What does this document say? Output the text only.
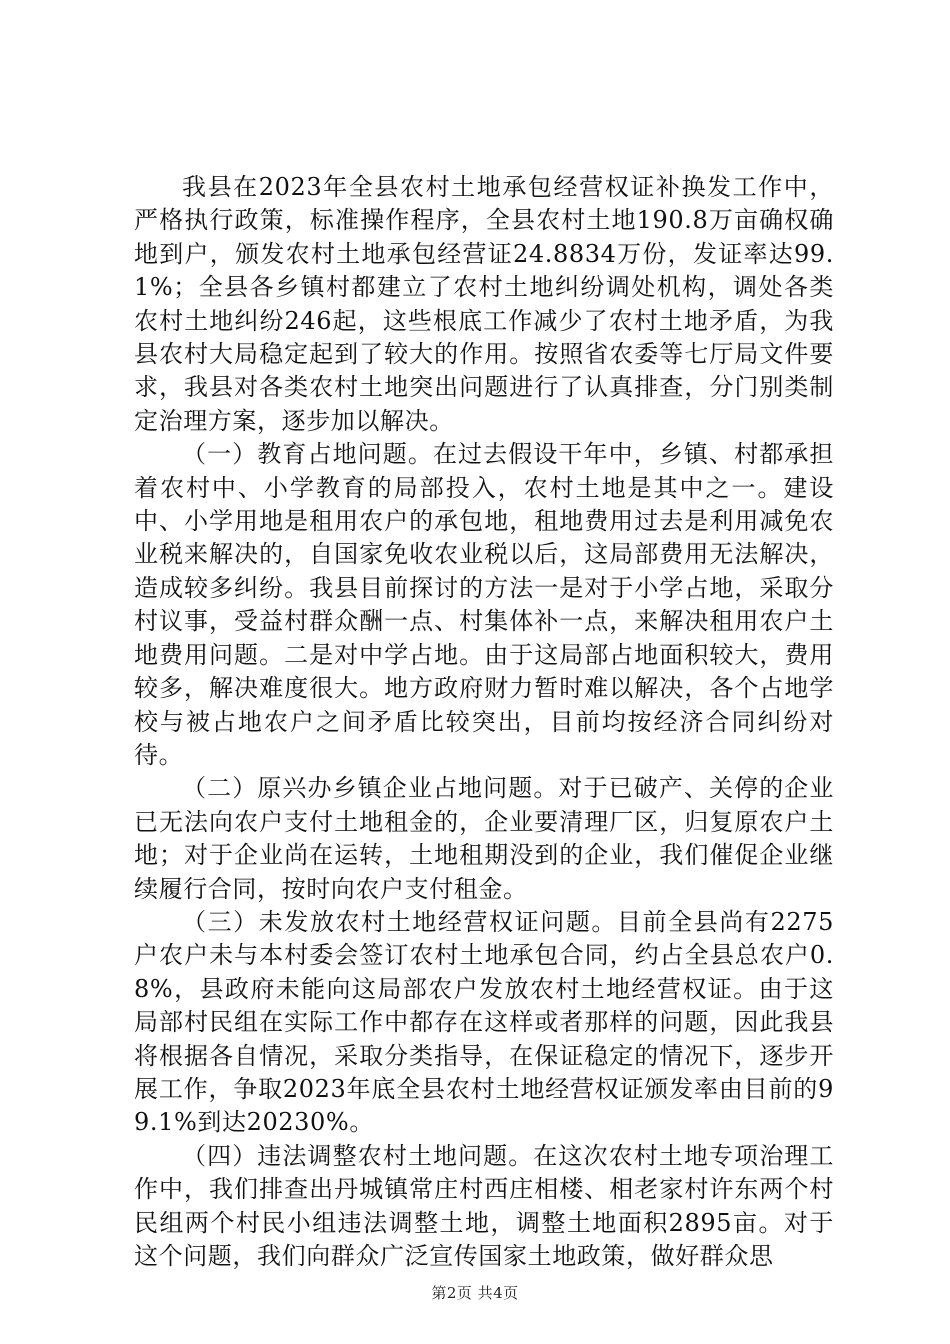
我县在2023年全县农村土地承包经营权证补换发工作中，严格执行政策，标准操作程序，全县农村土地190.8万亩确权确地到户，颁发农村土地承包经营证24.8834万份，发证率达99.1%；全县各乡镇村都建立了农村土地纠纷调处机构，调处各类农村土地纠纷246起，这些根底工作减少了农村土地矛盾，为我县农村大局稳定起到了较大的作用。按照省农委等七厅局文件要求，我县对各类农村土地突出问题进行了认真排查，分门别类制定治理方案，逐步加以解决。

（一）教育占地问题。在过去假设干年中，乡镇、村都承担着农村中、小学教育的局部投入，农村土地是其中之一。建设中、小学用地是租用农户的承包地，租地费用过去是利用减免农业税来解决的，自国家免收农业税以后，这局部费用无法解决，造成较多纠纷。我县目前探讨的方法一是对于小学占地，采取分村议事，受益村群众酬一点、村集体补一点，来解决租用农户土地费用问题。二是对中学占地。由于这局部占地面积较大，费用较多，解决难度很大。地方政府财力暂时难以解决，各个占地学校与被占地农户之间矛盾比较突出，目前均按经济合同纠纷对待。

（二）原兴办乡镇企业占地问题。对于已破产、关停的企业已无法向农户支付土地租金的，企业要清理厂区，归复原农户土地；对于企业尚在运转，土地租期没到的企业，我们催促企业继续履行合同，按时向农户支付租金。

（三）未发放农村土地经营权证问题。目前全县尚有2275户农户未与本村委会签订农村土地承包合同，约占全县总农户0.8%，县政府未能向这局部农户发放农村土地经营权证。由于这局部村民组在实际工作中都存在这样或者那样的问题，因此我县将根据各自情况，采取分类指导，在保证稳定的情况下，逐步开展工作，争取2023年底全县农村土地经营权证颁发率由目前的99.1%到达20230%。

（四）违法调整农村土地问题。在这次农村土地专项治理工作中，我们排查出丹城镇常庄村西庄相楼、相老家村许东两个村民组两个村民小组违法调整土地，调整土地面积2895亩。对于这个问题，我们向群众广泛宣传国家土地政策，做好群众思

第2页 共4页
